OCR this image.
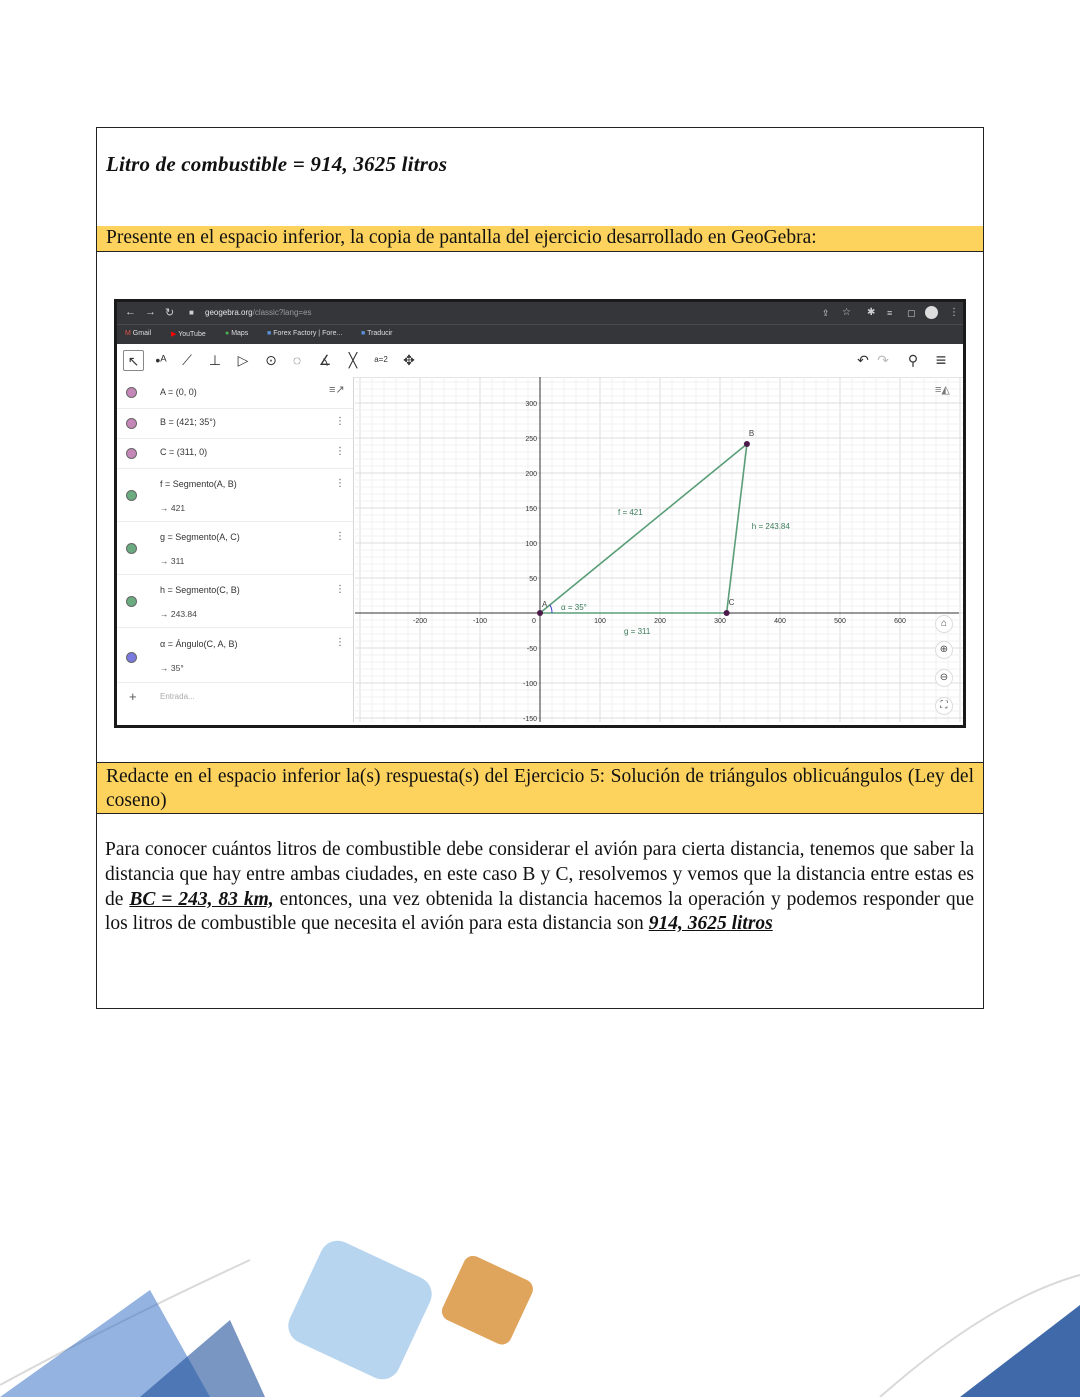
Litro de combustible = 914, 3625 litros
Presente en el espacio inferior, la copia de pantalla del ejercicio desarrollado en GeoGebra:
Redacte en el espacio inferior la(s) respuesta(s) del Ejercicio 5: Solución de triángulos oblicuángulos (Ley del coseno)
← → ↻ ■ geogebra.org/classic?lang=es	⇪ ☆ ✱ ≡ ▢	⋮
M Gmail	▶ YouTube	● Maps	■ Forex Factory | Fore...	■ Traducir
↖	•ᴬ	⟋	⊥	▷	⊙	◌	∡	╳	a=2 ✥	↶ ↷	⚲ ≡
≡↗
A = (0, 0)
B = (421; 35°)	⋮
C = (311, 0)	⋮
f = Segmento(A, B)
→ 421
⋮
g = Segmento(A, C)
→ 311
⋮
h = Segmento(C, B)
→ 243.84
⋮
α = Ángulo(C, A, B)
→ 35°
⋮
+	Entrada...
-200	-100	0	100	200	300	400	500	600
300
250
200
150
100
50
-50
-100
-150
A
B
C
f = 421
g = 311
h = 243.84
α = 35°
≡◭
⌂
⊕
⊖
⛶
Para conocer cuántos litros de combustible debe considerar el avión para cierta distancia, tenemos que saber la distancia que hay entre ambas ciudades, en este caso B y C, resolvemos y vemos que la distancia entre estas es de BC = 243, 83 km, entonces, una vez obtenida la distancia hacemos la operación y podemos responder que los litros de combustible que necesita el avión para esta distancia son 914, 3625 litros
